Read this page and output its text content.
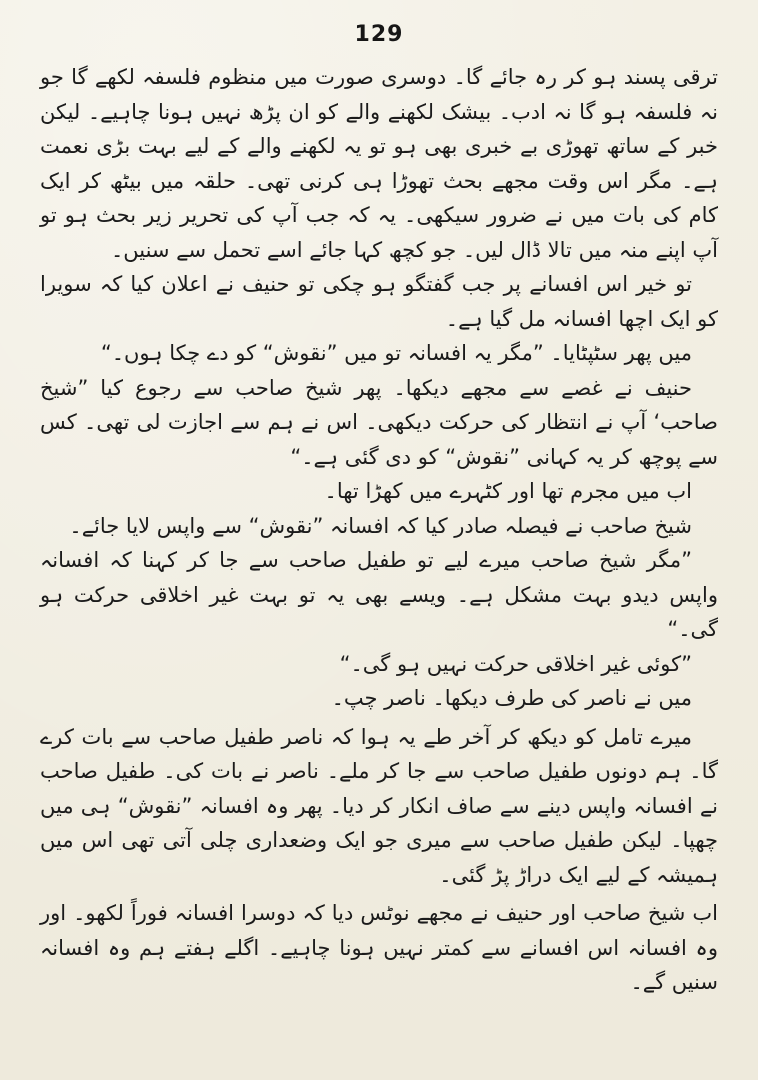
129

ترقی پسند ہو کر رہ جائے گا۔ دوسری صورت میں منظوم فلسفہ لکھے گا جو نہ فلسفہ ہو گا نہ ادب۔ بیشک لکھنے والے کو ان پڑھ نہیں ہونا چاہیے۔ لیکن خبر کے ساتھ تھوڑی بے خبری بھی ہو تو یہ لکھنے والے کے لیے بہت بڑی نعمت ہے۔ مگر اس وقت مجھے بحث تھوڑا ہی کرنی تھی۔ حلقہ میں بیٹھ کر ایک کام کی بات میں نے ضرور سیکھی۔ یہ کہ جب آپ کی تحریر زیر بحث ہو تو آپ اپنے منہ میں تالا ڈال لیں۔ جو کچھ کہا جائے اسے تحمل سے سنیں۔

تو خیر اس افسانے پر جب گفتگو ہو چکی تو حنیف نے اعلان کیا کہ سویرا کو ایک اچھا افسانہ مل گیا ہے۔

میں پھر سٹپٹایا۔ ”مگر یہ افسانہ تو میں ”نقوش“ کو دے چکا ہوں۔“

حنیف نے غصے سے مجھے دیکھا۔ پھر شیخ صاحب سے رجوع کیا ”شیخ صاحب‘ آپ نے انتظار کی حرکت دیکھی۔ اس نے ہم سے اجازت لی تھی۔ کس سے پوچھ کر یہ کہانی ”نقوش“ کو دی گئی ہے۔“

اب میں مجرم تھا اور کٹہرے میں کھڑا تھا۔

شیخ صاحب نے فیصلہ صادر کیا کہ افسانہ ”نقوش“ سے واپس لایا جائے۔

”مگر شیخ صاحب میرے لیے تو طفیل صاحب سے جا کر کہنا کہ افسانہ واپس دیدو بہت مشکل ہے۔ ویسے بھی یہ تو بہت غیر اخلاقی حرکت ہو گی۔“

”کوئی غیر اخلاقی حرکت نہیں ہو گی۔“

میں نے ناصر کی طرف دیکھا۔ ناصر چپ۔

میرے تامل کو دیکھ کر آخر طے یہ ہوا کہ ناصر طفیل صاحب سے بات کرے گا۔ ہم دونوں طفیل صاحب سے جا کر ملے۔ ناصر نے بات کی۔ طفیل صاحب نے افسانہ واپس دینے سے صاف انکار کر دیا۔ پھر وہ افسانہ ”نقوش“ ہی میں چھپا۔ لیکن طفیل صاحب سے میری جو ایک وضعداری چلی آتی تھی اس میں ہمیشہ کے لیے ایک دراڑ پڑ گئی۔

اب شیخ صاحب اور حنیف نے مجھے نوٹس دیا کہ دوسرا افسانہ فوراً لکھو۔ اور وہ افسانہ اس افسانے سے کمتر نہیں ہونا چاہیے۔ اگلے ہفتے ہم وہ افسانہ سنیں گے۔
